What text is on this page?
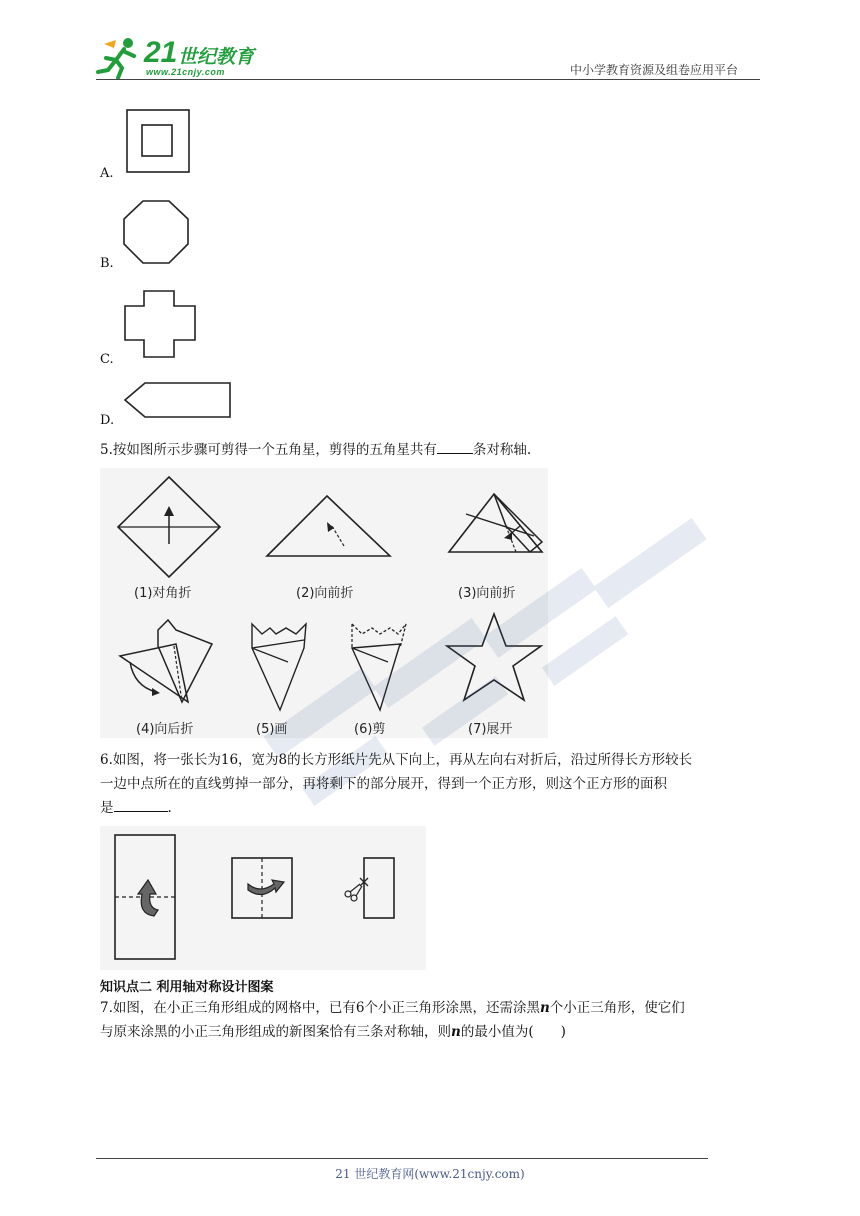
21 世纪教育
www.21cnjy.com	中小学教育资源及组卷应用平台
A.
B.
C.
D.
5.按如图所示步骤可剪得一个五角星，剪得的五角星共有	条对称轴.
(1)对角折	(2)向前折	(3)向前折
(4)向后折	(5)画	(6)剪	(7)展开
6.如图，将一张长为16，宽为8的长方形纸片先从下向上，再从左向右对折后，沿过所得长方形较长
一边中点所在的直线剪掉一部分，再将剩下的部分展开，得到一个正方形，则这个正方形的面积
是	.
知识点二 利用轴对称设计图案
7.如图，在小正三角形组成的网格中，已有6个小正三角形涂黑，还需涂黑n个小正三角形，使它们
与原来涂黑的小正三角形组成的新图案恰有三条对称轴，则n的最小值为(　　)
21 世纪教育网(www.21cnjy.com)
